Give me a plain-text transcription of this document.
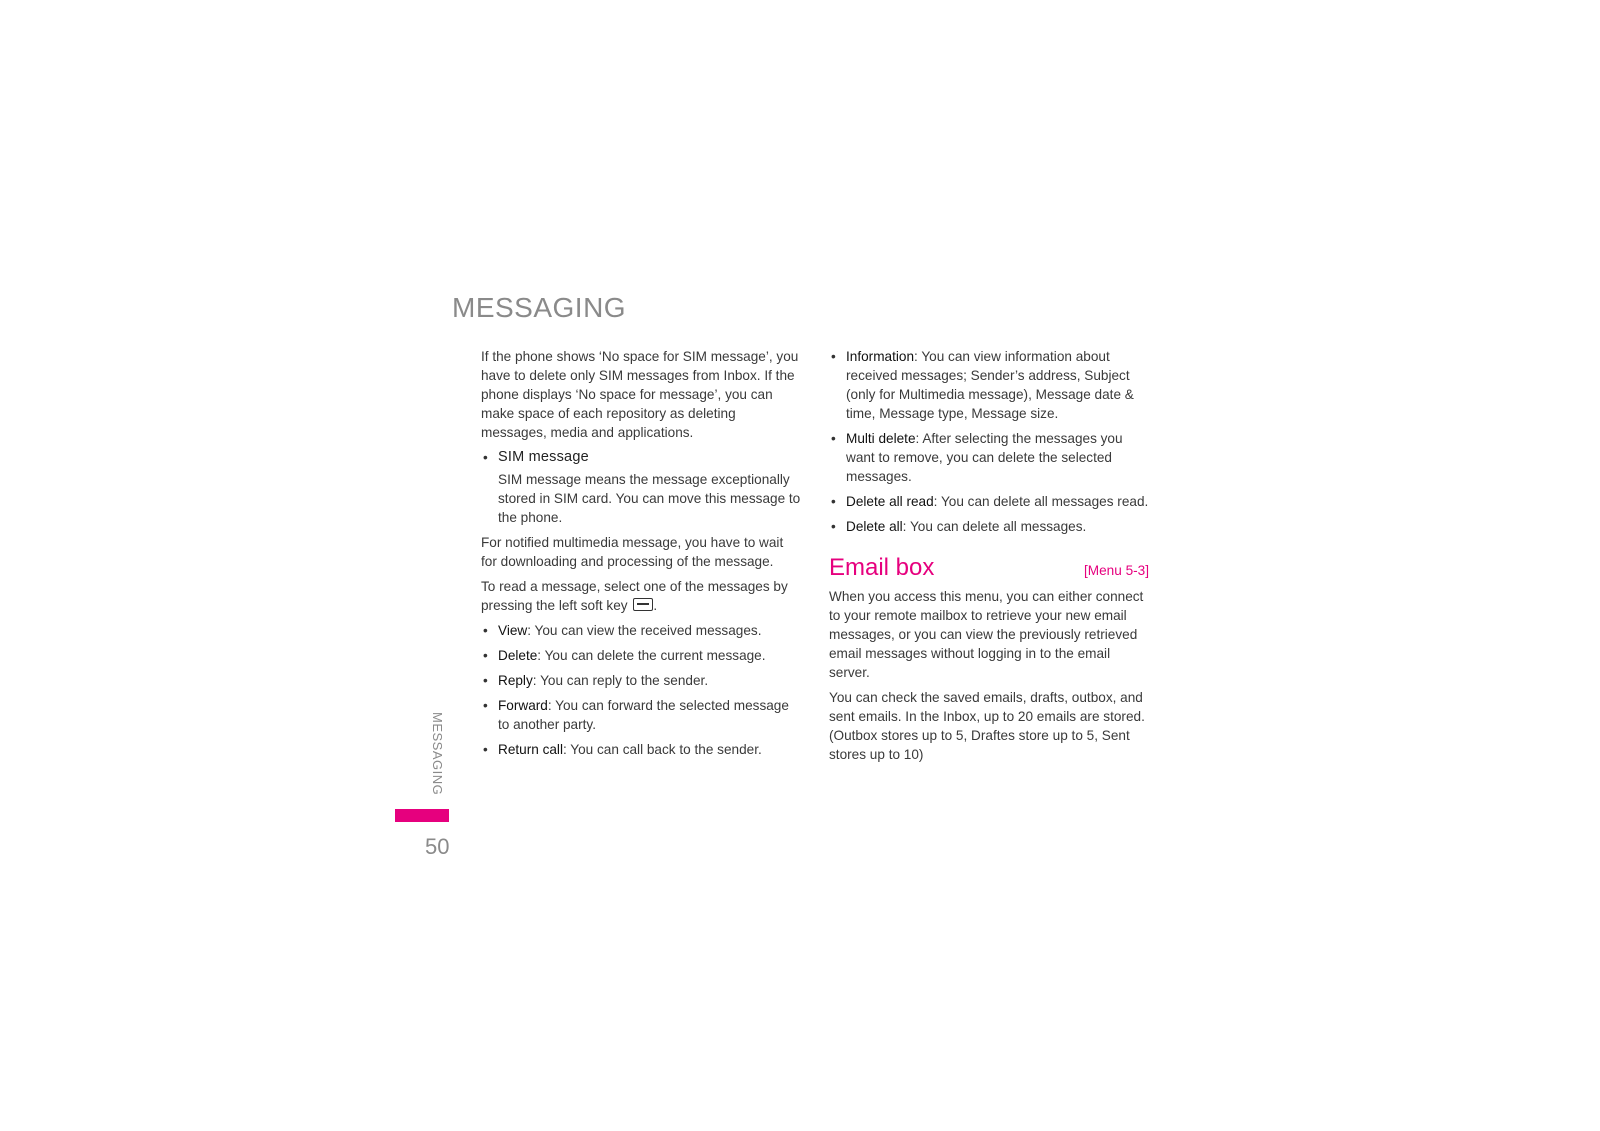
MESSAGING

If the phone shows ‘No space for SIM message’, you have to delete only SIM messages from Inbox. If the phone displays ‘No space for message’, you can make space of each repository as deleting messages, media and applications.

• SIM message
SIM message means the message exceptionally stored in SIM card. You can move this message to the phone.

For notified multimedia message, you have to wait for downloading and processing of the message.

To read a message, select one of the messages by pressing the left soft key .

• View: You can view the received messages.
• Delete: You can delete the current message.
• Reply: You can reply to the sender.
• Forward: You can forward the selected message to another party.
• Return call: You can call back to the sender.
• Information: You can view information about received messages; Sender’s address, Subject (only for Multimedia message), Message date & time, Message type, Message size.
• Multi delete: After selecting the messages you want to remove, you can delete the selected messages.
• Delete all read: You can delete all messages read.
• Delete all: You can delete all messages.
Email box	[Menu 5-3]

When you access this menu, you can either connect to your remote mailbox to retrieve your new email messages, or you can view the previously retrieved email messages without logging in to the email server.

You can check the saved emails, drafts, outbox, and sent emails. In the Inbox, up to 20 emails are stored. (Outbox stores up to 5, Draftes store up to 5, Sent stores up to 10)

MESSAGING
50
